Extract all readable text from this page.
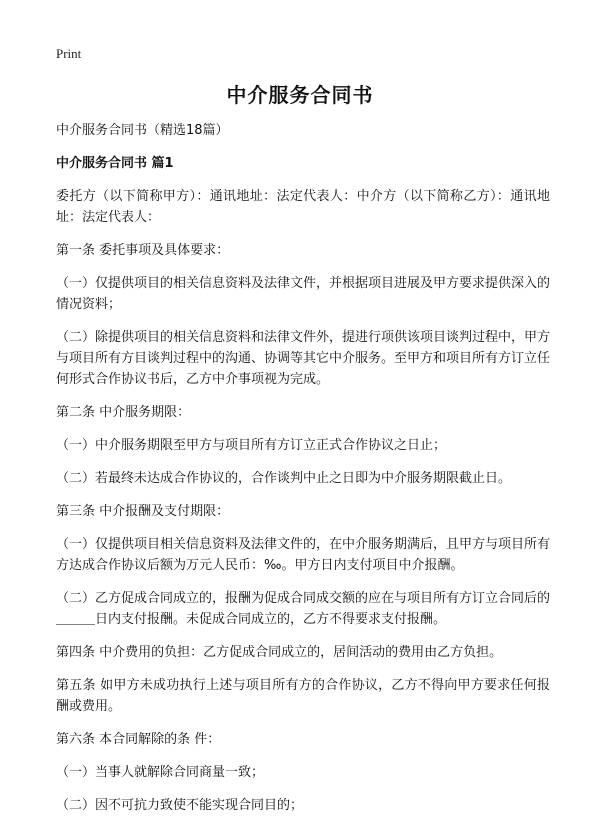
Print
中介服务合同书

中介服务合同书（精选18篇）

中介服务合同书 篇1

委托方（以下简称甲方）：通讯地址：法定代表人：中介方（以下简称乙方）：通讯地址：法定代表人：

第一条 委托事项及具体要求：

（一）仅提供项目的相关信息资料及法律文件，并根据项目进展及甲方要求提供深入的情况资料；

（二）除提供项目的相关信息资料和法律文件外，提进行项供该项目谈判过程中，甲方与项目所有方目谈判过程中的沟通、协调等其它中介服务。至甲方和项目所有方订立任何形式合作协议书后，乙方中介事项视为完成。

第二条 中介服务期限：

（一）中介服务期限至甲方与项目所有方订立正式合作协议之日止；

（二）若最终未达成合作协议的，合作谈判中止之日即为中介服务期限截止日。

第三条 中介报酬及支付期限：

（一）仅提供项目相关信息资料及法律文件的，在中介服务期满后，且甲方与项目所有方达成合作协议后额为万元人民币：‰。甲方日内支付项目中介报酬。

（二）乙方促成合同成立的，报酬为促成合同成交额的应在与项目所有方订立合同后的＿＿＿日内支付报酬。未促成合同成立的，乙方不得要求支付报酬。

第四条 中介费用的负担：乙方促成合同成立的，居间活动的费用由乙方负担。

第五条 如甲方未成功执行上述与项目所有方的合作协议，乙方不得向甲方要求任何报酬或费用。

第六条 本合同解除的条 件：

（一）当事人就解除合同商量一致；

（二）因不可抗力致使不能实现合同目的；
